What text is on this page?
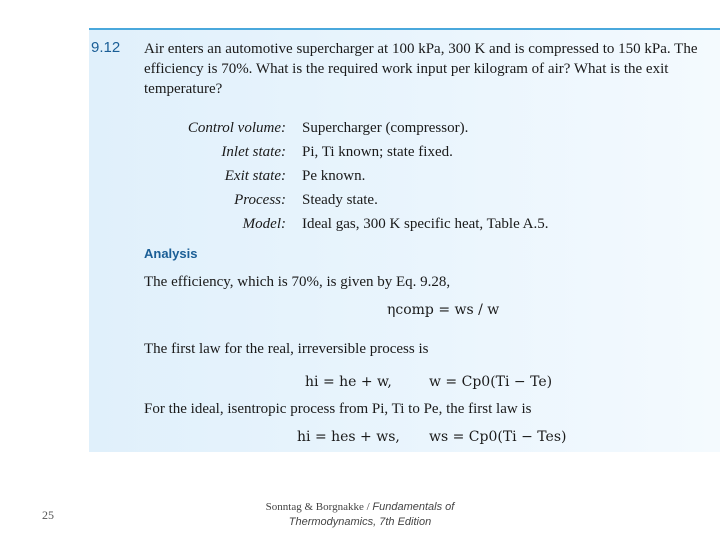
9.12 Air enters an automotive supercharger at 100 kPa, 300 K and is compressed to 150 kPa. The efficiency is 70%. What is the required work input per kilogram of air? What is the exit temperature?
Control volume: Supercharger (compressor).
Inlet state: Pi, Ti known; state fixed.
Exit state: Pe known.
Process: Steady state.
Model: Ideal gas, 300 K specific heat, Table A.5.
Analysis
The efficiency, which is 70%, is given by Eq. 9.28,
ηcomp = ws / w
The first law for the real, irreversible process is
hi = he + w,	w = Cp0(Ti − Te)
For the ideal, isentropic process from Pi, Ti to Pe, the first law is
hi = hes + ws, ws = Cp0(Ti − Tes)
25
Sonntag & Borgnakke / Fundamentals of Thermodynamics, 7th Edition
